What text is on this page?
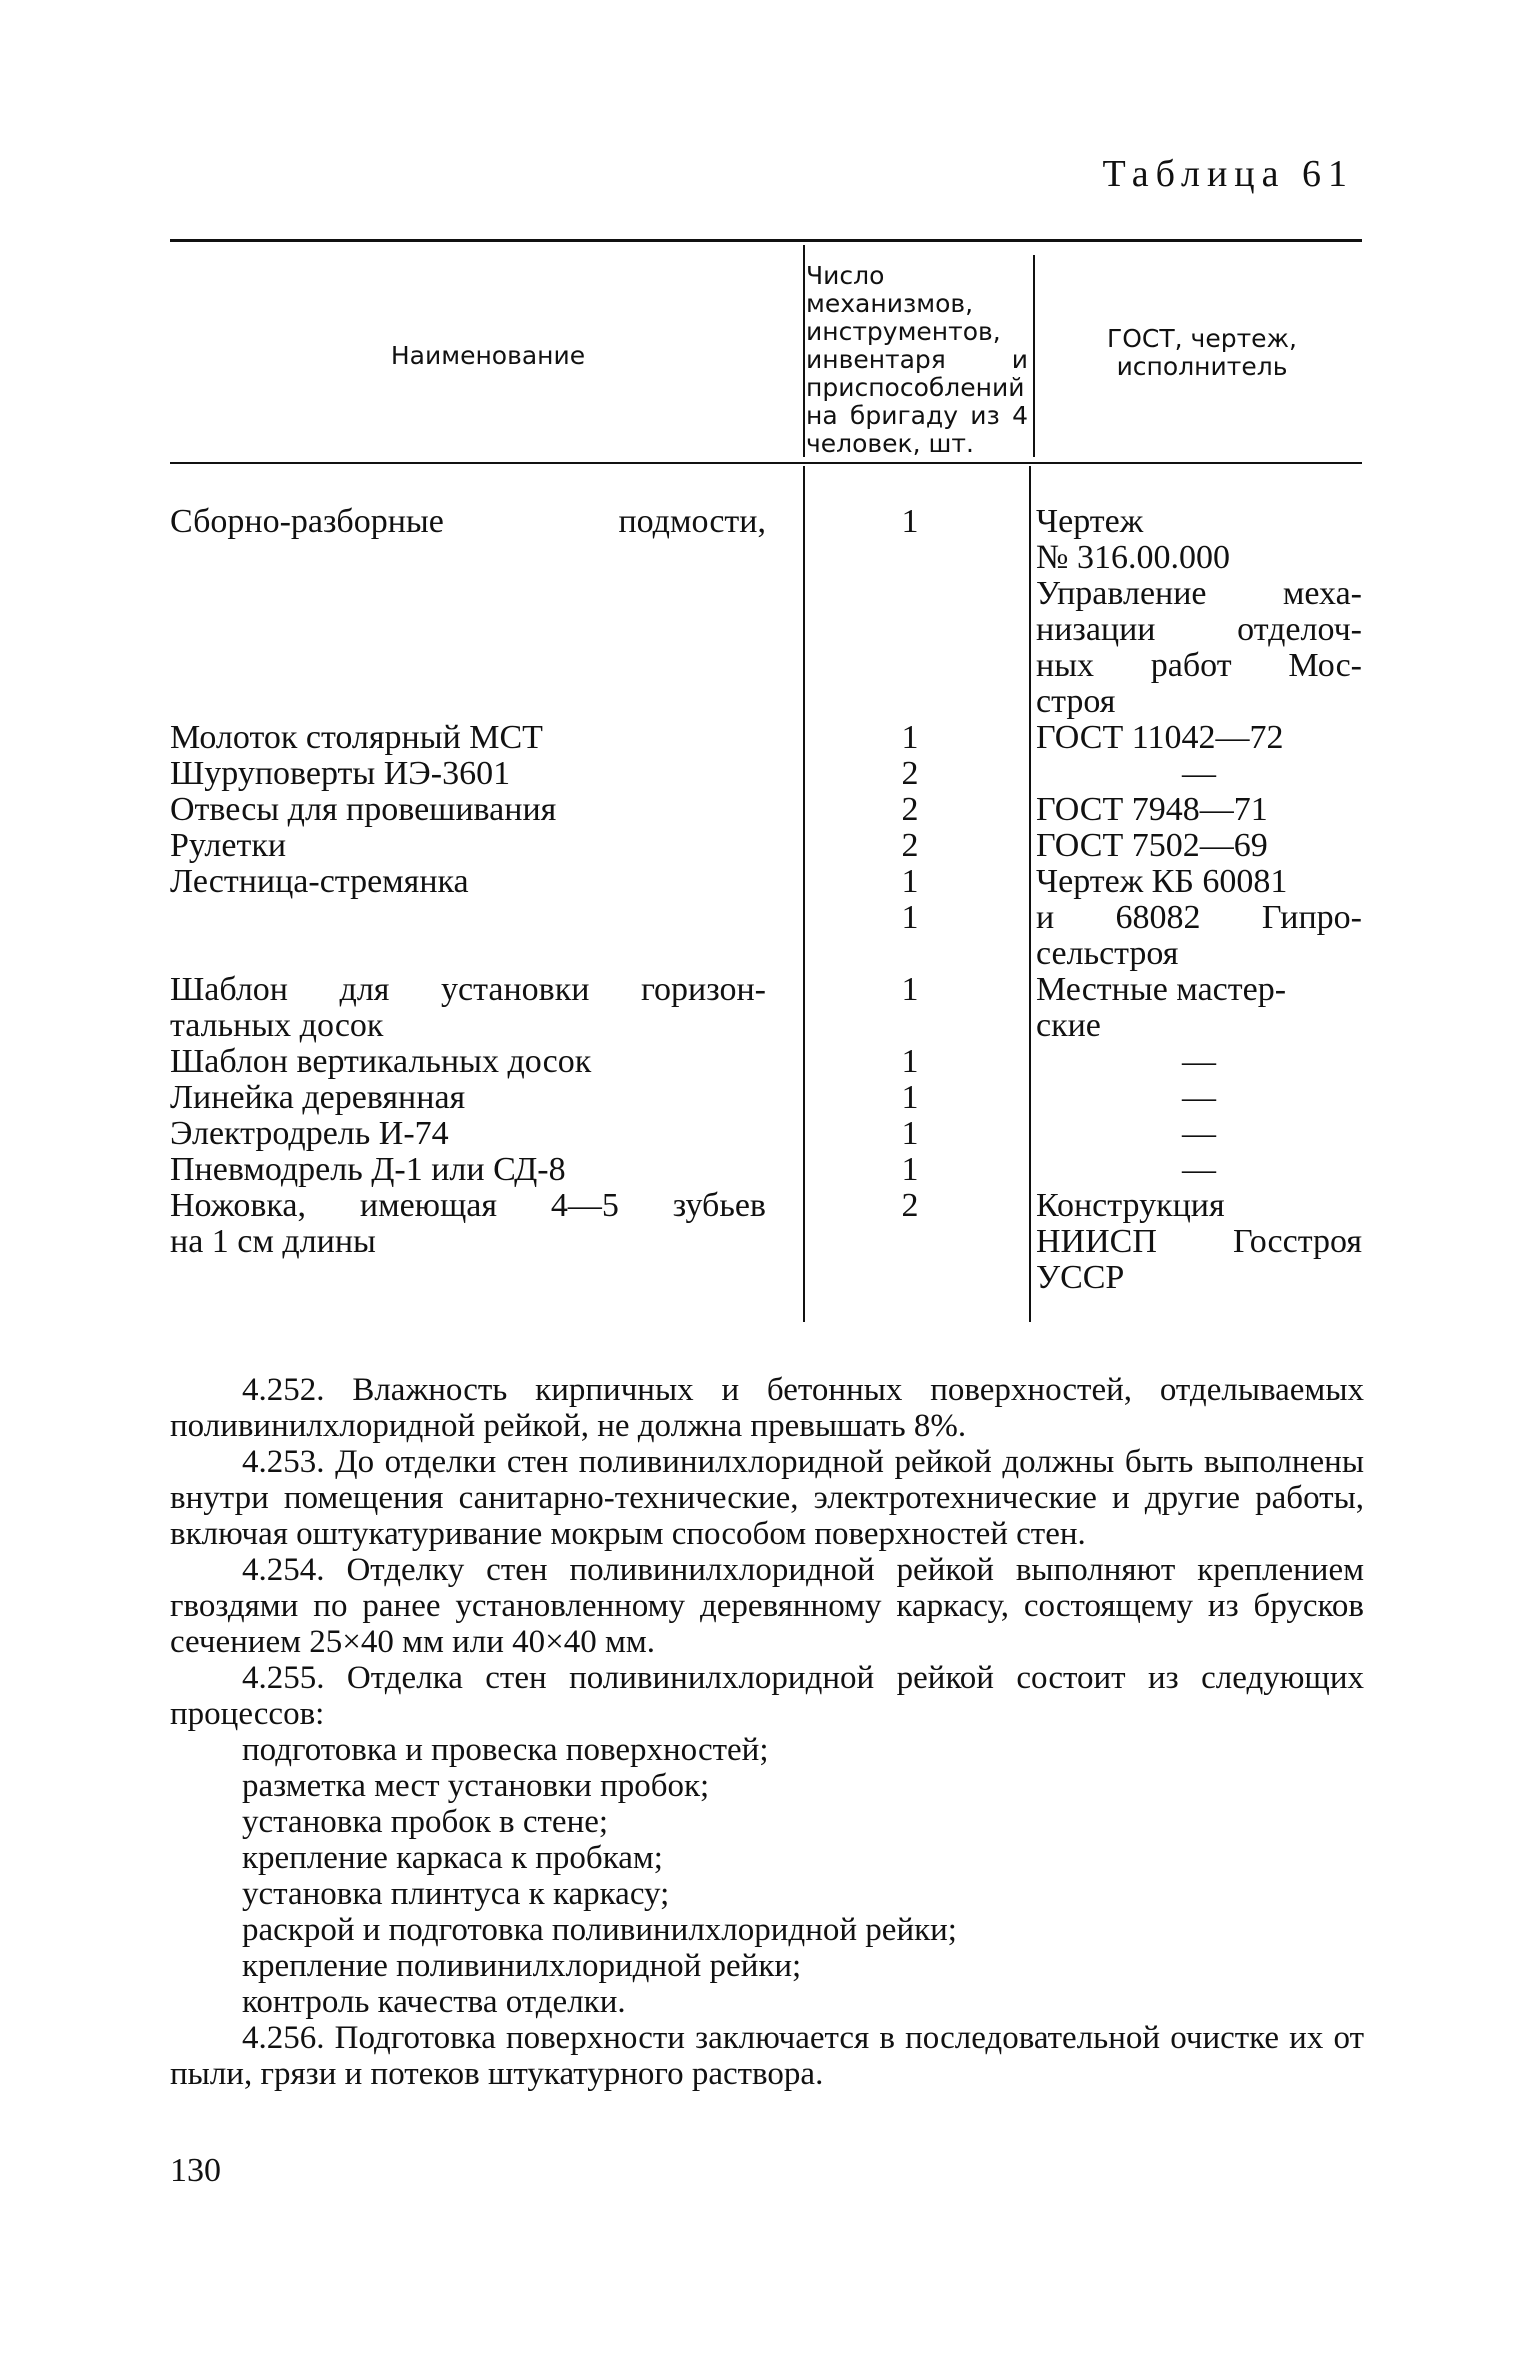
Таблица 61
Наименование
Число механизмов, инструментов, инвентаря и приспособлений на бригаду из 4 человек, шт.
ГОСТ, чертеж, исполнитель
Сборно-разборные подмости,
Молоток столярный МСТ
Шуруповерты ИЭ-3601
Отвесы для провешивания
Рулетки
Лестница-стремянка
Шаблон для установки горизон-
тальных досок
Шаблон вертикальных досок
Линейка деревянная
Электродрель И-74
Пневмодрель Д-1 или СД-8
Ножовка, имеющая 4—5 зубьев
на 1 см длины
1
1
2
2
2
1
1
1
1
1
1
1
2
Чертеж
№ 316.00.000
Управление меха-
низации отделоч-
ных работ Мос-
строя
ГОСТ 11042—72
—
ГОСТ 7948—71
ГОСТ 7502—69
Чертеж КБ 60081
и 68082 Гипро-
сельстроя
Местные мастер-
ские
—
—
—
—
Конструкция
НИИСП Госстроя
УССР

4.252. Влажность кирпичных и бетонных поверхностей, отделываемых поливинилхлоридной рейкой, не должна превышать 8%.

4.253. До отделки стен поливинилхлоридной рейкой должны быть выполнены внутри помещения санитарно-технические, электротехнические и другие работы, включая оштукатуривание мокрым способом поверхностей стен.

4.254. Отделку стен поливинилхлоридной рейкой выполняют креплением гвоздями по ранее установленному деревянному каркасу, состоящему из брусков сечением 25×40 мм или 40×40 мм.

4.255. Отделка стен поливинилхлоридной рейкой состоит из следующих процессов:

подготовка и провеска поверхностей;

разметка мест установки пробок;

установка пробок в стене;

крепление каркаса к пробкам;

установка плинтуса к каркасу;

раскрой и подготовка поливинилхлоридной рейки;

крепление поливинилхлоридной рейки;

контроль качества отделки.

4.256. Подготовка поверхности заключается в последовательной очистке их от пыли, грязи и потеков штукатурного раствора.

130
